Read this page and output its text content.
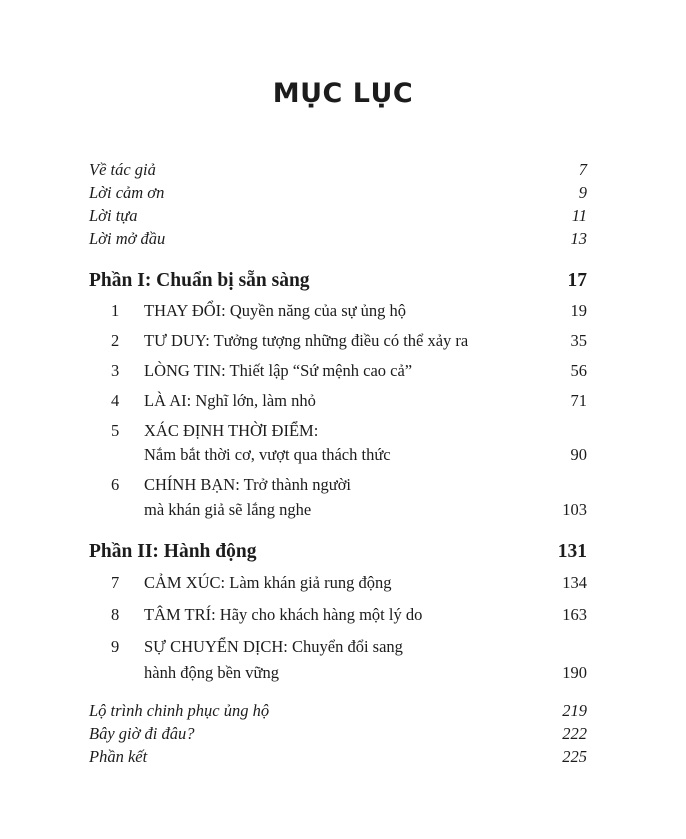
MỤC LỤC
Về tác giả	7
Lời cảm ơn	9
Lời tựa	11
Lời mở đầu	13
Phần I: Chuẩn bị sẵn sàng	17
1 THAY ĐỔI: Quyền năng của sự ủng hộ	19
2 TƯ DUY: Tưởng tượng những điều có thể xảy ra	35
3 LÒNG TIN: Thiết lập “Sứ mệnh cao cả”	56
4 LÀ AI: Nghĩ lớn, làm nhỏ	71
5 XÁC ĐỊNH THỜI ĐIỂM:
Nắm bắt thời cơ, vượt qua thách thức	90
6 CHÍNH BẠN: Trở thành người
mà khán giả sẽ lắng nghe	103
Phần II: Hành động	131
7 CẢM XÚC: Làm khán giả rung động	134
8 TÂM TRÍ: Hãy cho khách hàng một lý do	163
9 SỰ CHUYỂN DỊCH: Chuyển đổi sang
hành động bền vững	190
Lộ trình chinh phục ủng hộ	219
Bây giờ đi đâu?	222
Phần kết	225
